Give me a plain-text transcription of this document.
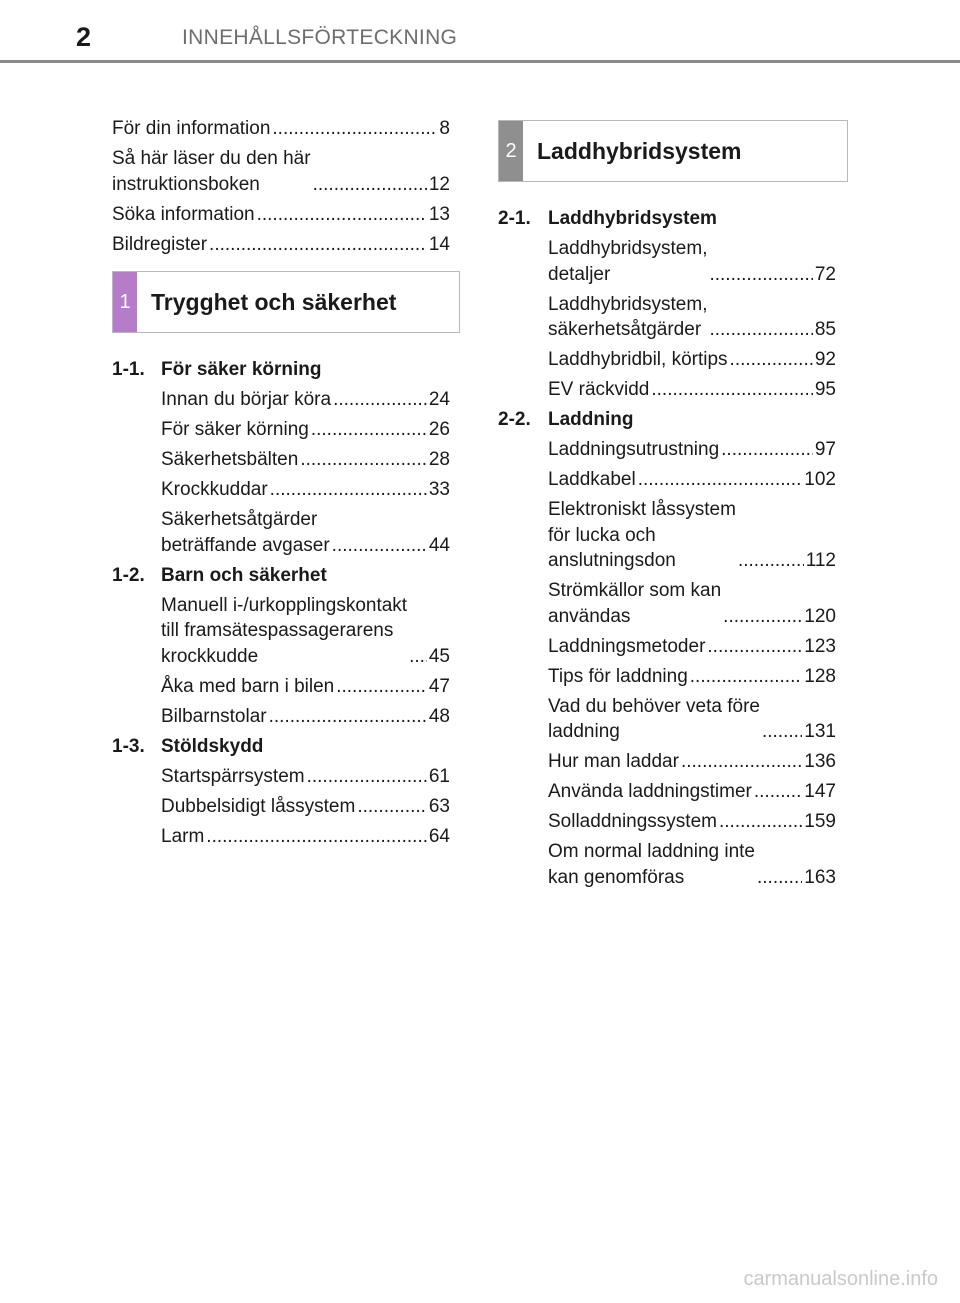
2	INNEHÅLLSFÖRTECKNING
För din information .....	8
Så här läser du den här
instruktionsboken .....	12
Söka information .....	13
Bildregister .....	14
1 Trygghet och säkerhet
1-1. För säker körning
Innan du börjar köra .....	24
För säker körning .....	26
Säkerhetsbälten .....	28
Krockkuddar .....	33
Säkerhetsåtgärder
beträffande avgaser .....	44
1-2. Barn och säkerhet
Manuell i-/urkopplingskontakt
till framsätespassagerarens
krockkudde .....	45
Åka med barn i bilen .....	47
Bilbarnstolar .....	48
1-3. Stöldskydd
Startspärrsystem .....	61
Dubbelsidigt låssystem .....	63
Larm .....	64
2 Laddhybridsystem
2-1. Laddhybridsystem
Laddhybridsystem,
detaljer .....	72
Laddhybridsystem,
säkerhetsåtgärder .....	85
Laddhybridbil, körtips .....	92
EV räckvidd .....	95
2-2. Laddning
Laddningsutrustning .....	97
Laddkabel .....	102
Elektroniskt låssystem
för lucka och
anslutningsdon .....	112
Strömkällor som kan
användas .....	120
Laddningsmetoder .....	123
Tips för laddning .....	128
Vad du behöver veta före
laddning .....	131
Hur man laddar .....	136
Använda laddningstimer .....	147
Solladdningssystem .....	159
Om normal laddning inte
kan genomföras .....	163
carmanualsonline.info
